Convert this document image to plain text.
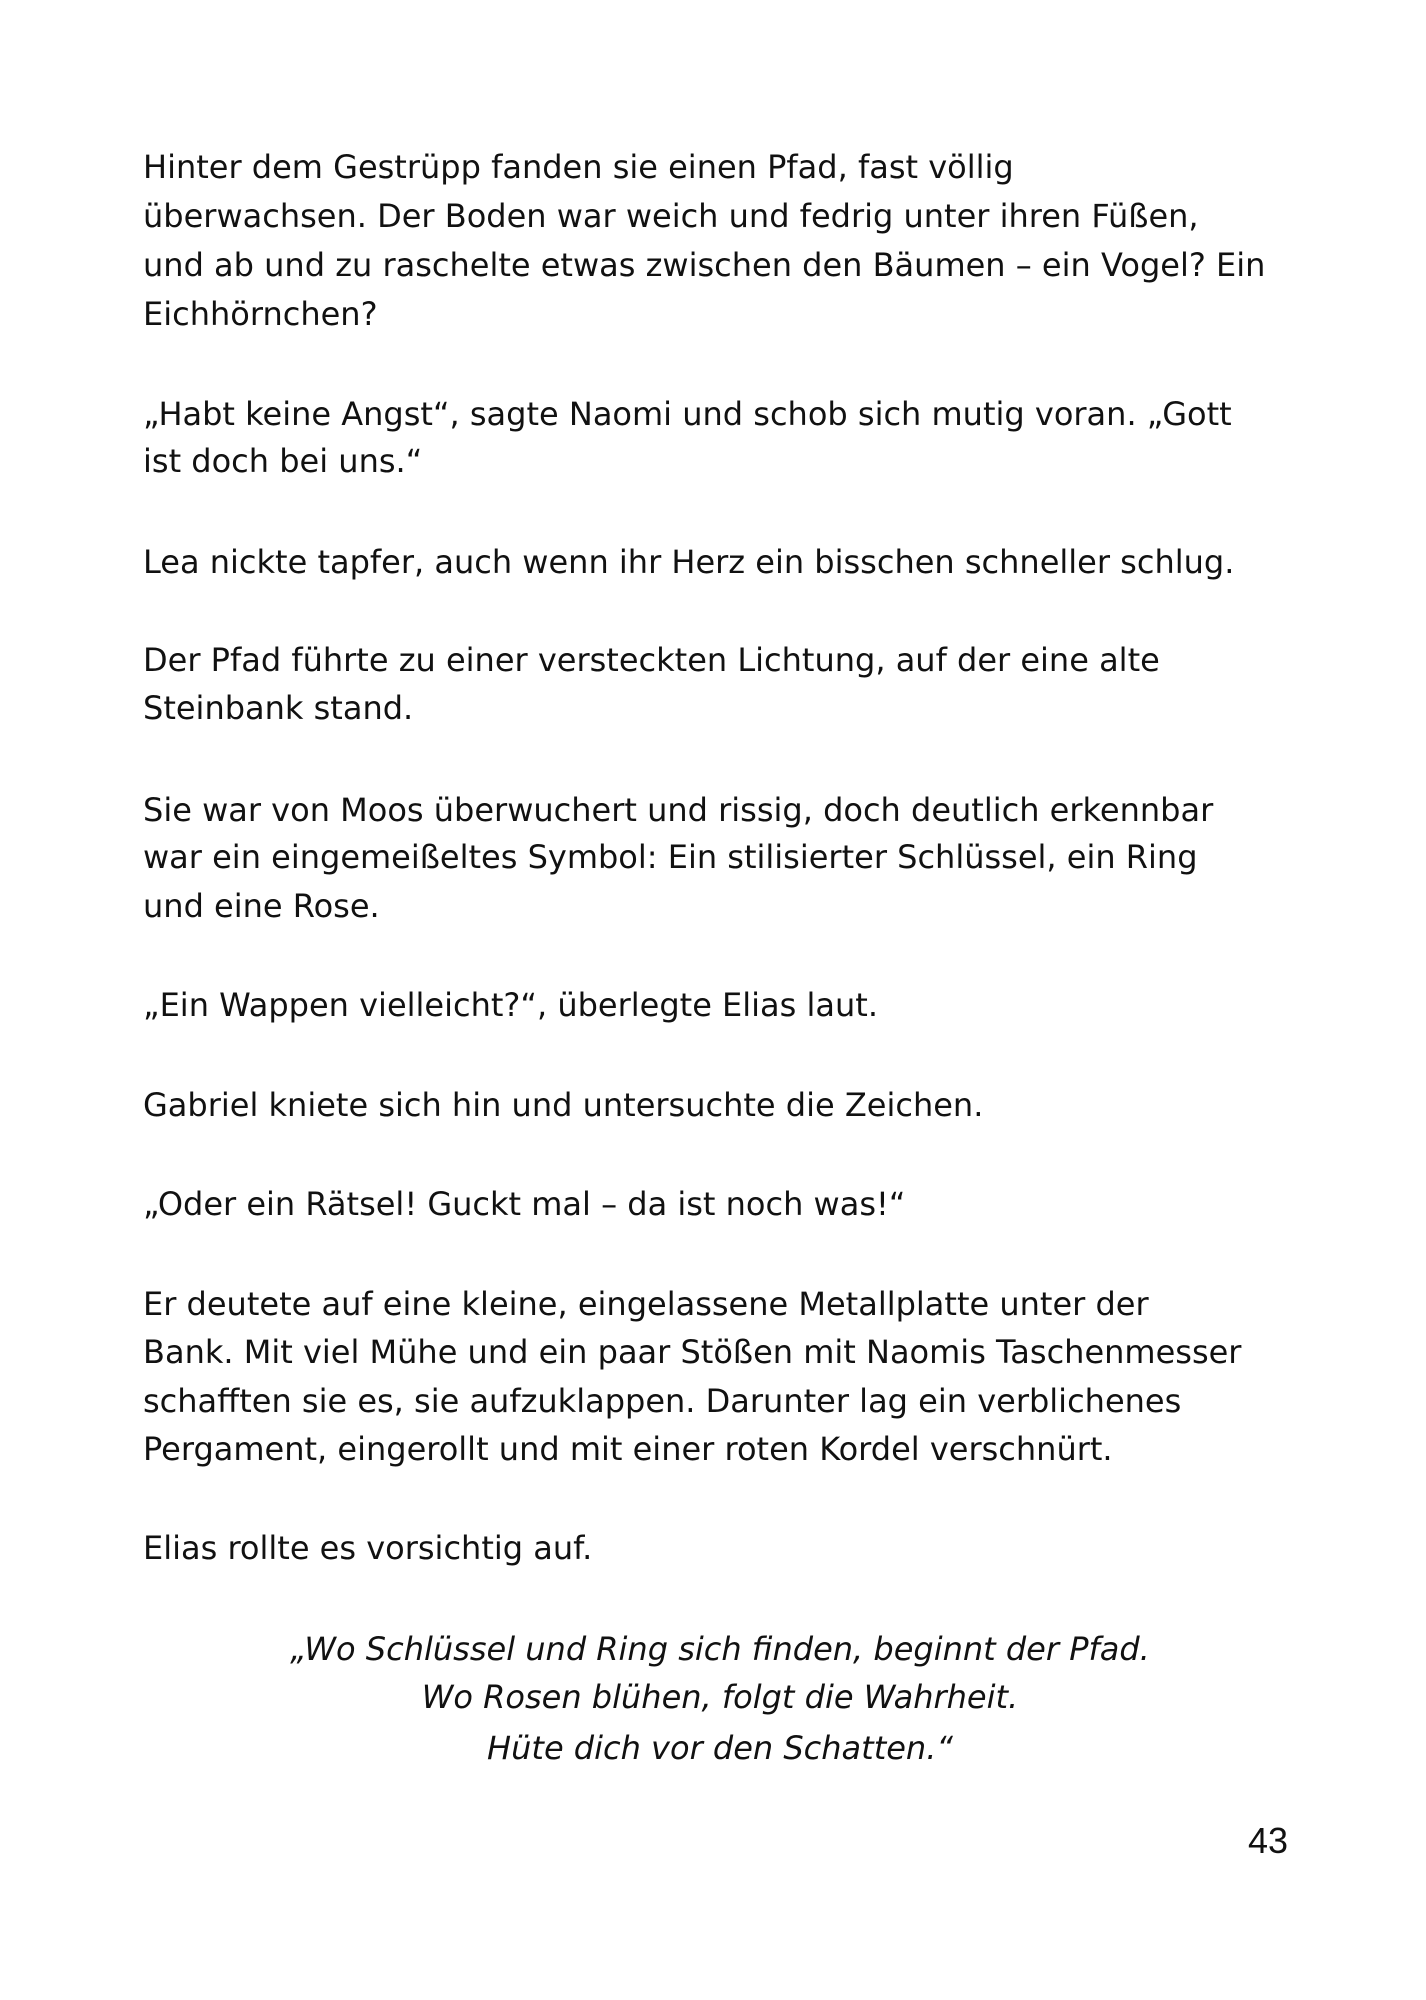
Hinter dem Gestrüpp fanden sie einen Pfad, fast völlig
überwachsen. Der Boden war weich und fedrig unter ihren Füßen,
und ab und zu raschelte etwas zwischen den Bäumen – ein Vogel? Ein
Eichhörnchen?
„Habt keine Angst“, sagte Naomi und schob sich mutig voran. „Gott
ist doch bei uns.“
Lea nickte tapfer, auch wenn ihr Herz ein bisschen schneller schlug.
Der Pfad führte zu einer versteckten Lichtung, auf der eine alte
Steinbank stand.
Sie war von Moos überwuchert und rissig, doch deutlich erkennbar
war ein eingemeißeltes Symbol: Ein stilisierter Schlüssel, ein Ring
und eine Rose.
„Ein Wappen vielleicht?“, überlegte Elias laut.
Gabriel kniete sich hin und untersuchte die Zeichen.
„Oder ein Rätsel! Guckt mal – da ist noch was!“
Er deutete auf eine kleine, eingelassene Metallplatte unter der
Bank. Mit viel Mühe und ein paar Stößen mit Naomis Taschenmesser
schafften sie es, sie aufzuklappen. Darunter lag ein verblichenes
Pergament, eingerollt und mit einer roten Kordel verschnürt.
Elias rollte es vorsichtig auf.
„Wo Schlüssel und Ring sich finden, beginnt der Pfad.
Wo Rosen blühen, folgt die Wahrheit.
Hüte dich vor den Schatten.“
43
